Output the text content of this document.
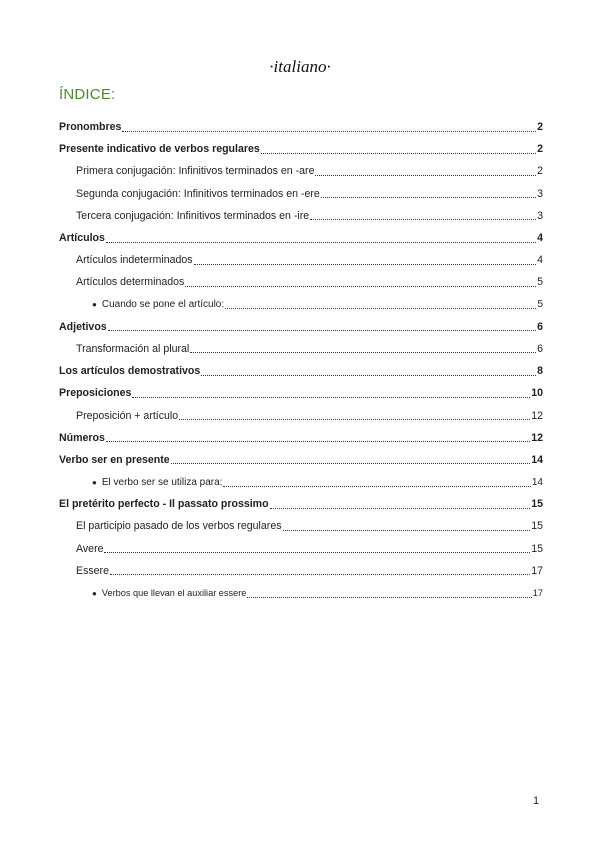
·italiano·
ÍNDICE:
Pronombres	2
Presente indicativo de verbos regulares	2
Primera conjugación: Infinitivos terminados en -are	2
Segunda conjugación: Infinitivos terminados en -ere	3
Tercera conjugación: Infinitivos terminados en -ire	3
Artículos	4
Artículos indeterminados	4
Artículos determinados	5
● Cuando se pone el artículo:	5
Adjetivos	6
Transformación al plural	6
Los artículos demostrativos	8
Preposiciones	10
Preposición + artículo	12
Números	12
Verbo ser en presente	14
● El verbo ser se utiliza para:	14
El pretérito perfecto - Il passato prossimo	15
El participio pasado de los verbos regulares	15
Avere	15
Essere	17
● Verbos que llevan el auxiliar essere	17
1
